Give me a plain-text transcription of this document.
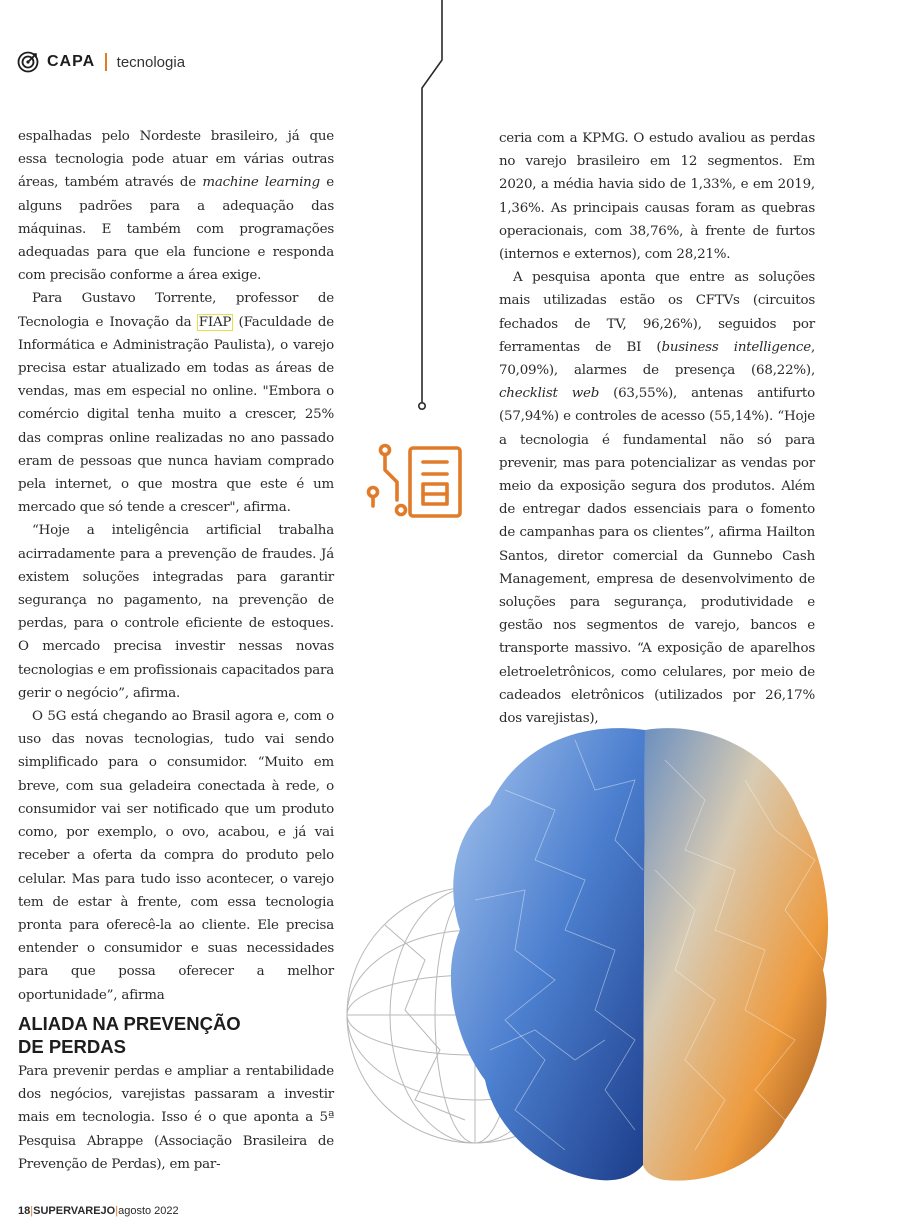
CAPA tecnologia

espalhadas pelo Nordeste brasileiro, já que essa tecnologia pode atuar em várias outras áreas, também através de machine learning e alguns padrões para a adequação das máquinas. E também com programações adequadas para que ela funcione e responda com precisão conforme a área exige.

Para Gustavo Torrente, professor de Tecnologia e Inovação da FIAP (Faculdade de Informática e Administração Paulista), o varejo precisa estar atualizado em todas as áreas de vendas, mas em especial no online. "Embora o comércio digital tenha muito a crescer, 25% das compras online realizadas no ano passado eram de pessoas que nunca haviam comprado pela internet, o que mostra que este é um mercado que só tende a crescer", afirma.

“Hoje a inteligência artificial trabalha acirradamente para a prevenção de fraudes. Já existem soluções integradas para garantir segurança no pagamento, na prevenção de perdas, para o controle eficiente de estoques. O mercado precisa investir nessas novas tecnologias e em profissionais capacitados para gerir o negócio”, afirma.

O 5G está chegando ao Brasil agora e, com o uso das novas tecnologias, tudo vai sendo simplificado para o consumidor. “Muito em breve, com sua geladeira conectada à rede, o consumidor vai ser notificado que um produto como, por exemplo, o ovo, acabou, e já vai receber a oferta da compra do produto pelo celular. Mas para tudo isso acontecer, o varejo tem de estar à frente, com essa tecnologia pronta para oferecê-la ao cliente. Ele precisa entender o consumidor e suas necessidades para que possa oferecer a melhor oportunidade”, afirma

ALIADA NA PREVENÇÃO
DE PERDAS

Para prevenir perdas e ampliar a rentabilidade dos negócios, varejistas passaram a investir mais em tecnologia. Isso é o que aponta a 5ª Pesquisa Abrappe (Associação Brasileira de Prevenção de Perdas), em par-

ceria com a KPMG. O estudo avaliou as perdas no varejo brasileiro em 12 segmentos. Em 2020, a média havia sido de 1,33%, e em 2019, 1,36%. As principais causas foram as quebras operacionais, com 38,76%, à frente de furtos (internos e externos), com 28,21%.

A pesquisa aponta que entre as soluções mais utilizadas estão os CFTVs (circuitos fechados de TV, 96,26%), seguidos por ferramentas de BI (business intelligence, 70,09%), alarmes de presença (68,22%), checklist web (63,55%), antenas antifurto (57,94%) e controles de acesso (55,14%). “Hoje a tecnologia é fundamental não só para prevenir, mas para potencializar as vendas por meio da exposição segura dos produtos. Além de entregar dados essenciais para o fomento de campanhas para os clientes”, afirma Hailton Santos, diretor comercial da Gunnebo Cash Management, empresa de desenvolvimento de soluções para segurança, produtividade e gestão nos segmentos de varejo, bancos e transporte massivo. “A exposição de aparelhos eletroeletrônicos, como celulares, por meio de cadeados eletrônicos (utilizados por 26,17% dos varejistas),

18|SUPERVAREJO|agosto 2022
